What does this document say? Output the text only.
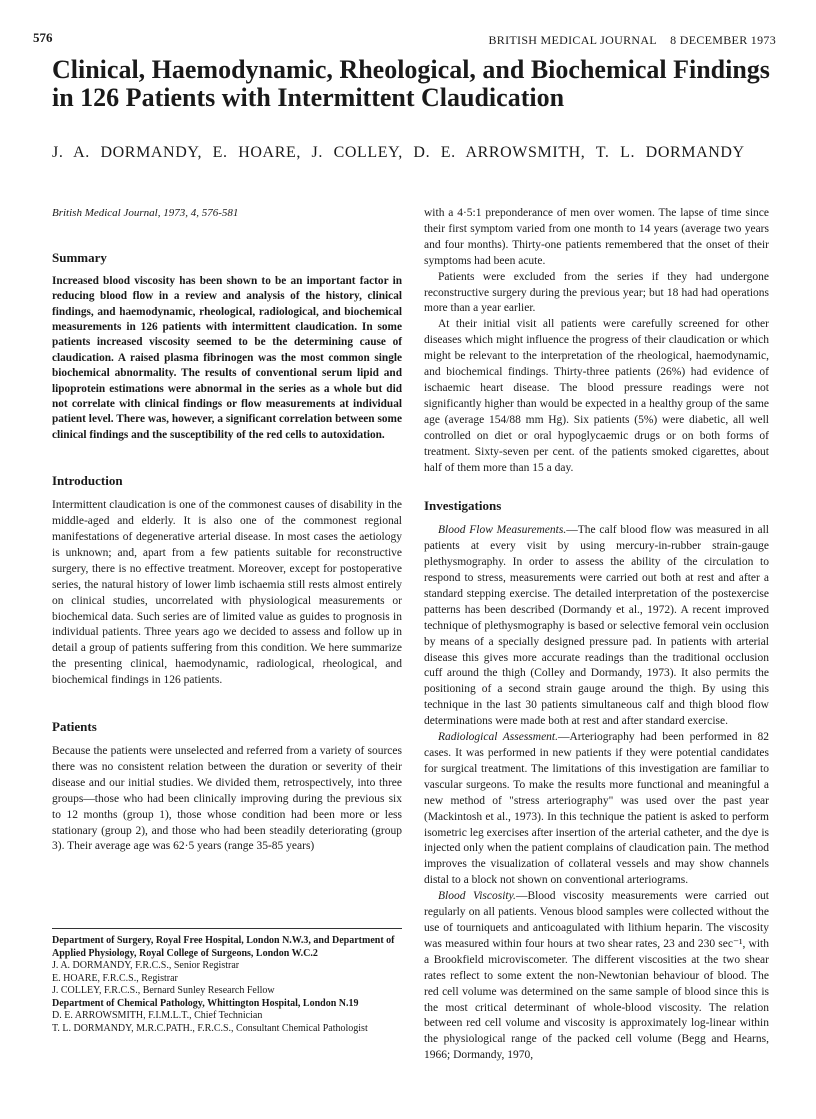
576	BRITISH MEDICAL JOURNAL 8 DECEMBER 1973
Clinical, Haemodynamic, Rheological, and Biochemical Findings in 126 Patients with Intermittent Claudication
J. A. DORMANDY, E. HOARE, J. COLLEY, D. E. ARROWSMITH, T. L. DORMANDY
British Medical Journal, 1973, 4, 576-581
Summary
Increased blood viscosity has been shown to be an important factor in reducing blood flow in a review and analysis of the history, clinical findings, and haemodynamic, rheological, radiological, and biochemical measurements in 126 patients with intermittent claudication. In some patients increased viscosity seemed to be the determining cause of claudication. A raised plasma fibrinogen was the most common single biochemical abnormality. The results of conventional serum lipid and lipoprotein estimations were abnormal in the series as a whole but did not correlate with clinical findings or flow measurements at individual patient level. There was, however, a significant correlation between some clinical findings and the susceptibility of the red cells to autoxidation.
Introduction

Intermittent claudication is one of the commonest causes of disability in the middle-aged and elderly. It is also one of the commonest regional manifestations of degenerative arterial disease. In most cases the aetiology is unknown; and, apart from a few patients suitable for reconstructive surgery, there is no effective treatment. Moreover, except for postoperative series, the natural history of lower limb ischaemia still rests almost entirely on clinical studies, uncorrelated with physiological measurements or biochemical data. Such series are of limited value as guides to prognosis in individual patients. Three years ago we decided to assess and follow up in detail a group of patients suffering from this condition. We here summarize the presenting clinical, haemodynamic, radiological, rheological, and biochemical findings in 126 patients.

Patients

Because the patients were unselected and referred from a variety of sources there was no consistent relation between the duration or severity of their disease and our initial studies. We divided them, retrospectively, into three groups—those who had been clinically improving during the previous six to 12 months (group 1), those whose condition had been more or less stationary (group 2), and those who had been steadily deteriorating (group 3). Their average age was 62·5 years (range 35-85 years)

Department of Surgery, Royal Free Hospital, London N.W.3, and Department of Applied Physiology, Royal College of Surgeons, London W.C.2
J. A. DORMANDY, F.R.C.S., Senior Registrar
E. HOARE, F.R.C.S., Registrar
J. COLLEY, F.R.C.S., Bernard Sunley Research Fellow
Department of Chemical Pathology, Whittington Hospital, London N.19
D. E. ARROWSMITH, F.I.M.L.T., Chief Technician
T. L. DORMANDY, M.R.C.PATH., F.R.C.S., Consultant Chemical Pathologist

with a 4·5:1 preponderance of men over women. The lapse of time since their first symptom varied from one month to 14 years (average two years and four months). Thirty-one patients remembered that the onset of their symptoms had been acute.

Patients were excluded from the series if they had undergone reconstructive surgery during the previous year; but 18 had had operations more than a year earlier.

At their initial visit all patients were carefully screened for other diseases which might influence the progress of their claudication or which might be relevant to the interpretation of the rheological, haemodynamic, and biochemical findings. Thirty-three patients (26%) had evidence of ischaemic heart disease. The blood pressure readings were not significantly higher than would be expected in a healthy group of the same age (average 154/88 mm Hg). Six patients (5%) were diabetic, all well controlled on diet or oral hypoglycaemic drugs or on both forms of treatment. Sixty-seven per cent. of the patients smoked cigarettes, about half of them more than 15 a day.

Investigations

Blood Flow Measurements.—The calf blood flow was measured in all patients at every visit by using mercury-in-rubber strain-gauge plethysmography. In order to assess the ability of the circulation to respond to stress, measurements were carried out both at rest and after a standard stepping exercise. The detailed interpretation of the postexercise patterns has been described (Dormandy et al., 1972). A recent improved technique of plethysmography is based or selective femoral vein occlusion by means of a specially designed pressure pad. In patients with arterial disease this gives more accurate readings than the traditional occlusion cuff around the thigh (Colley and Dormandy, 1973). It also permits the positioning of a second strain gauge around the thigh. By using this technique in the last 30 patients simultaneous calf and thigh blood flow determinations were made both at rest and after standard exercise.

Radiological Assessment.—Arteriography had been performed in 82 cases. It was performed in new patients if they were potential candidates for surgical treatment. The limitations of this investigation are familiar to vascular surgeons. To make the results more functional and meaningful a new method of "stress arteriography" was used over the past year (Mackintosh et al., 1973). In this technique the patient is asked to perform isometric leg exercises after insertion of the arterial catheter, and the dye is injected only when the patient complains of claudication pain. The method improves the visualization of collateral vessels and may show channels distal to a block not shown on conventional arteriograms.

Blood Viscosity.—Blood viscosity measurements were carried out regularly on all patients. Venous blood samples were collected without the use of tourniquets and anticoagulated with lithium heparin. The viscosity was measured within four hours at two shear rates, 23 and 230 sec⁻¹, with a Brookfield microviscometer. The different viscosities at the two shear rates reflect to some extent the non-Newtonian behaviour of blood. The red cell volume was determined on the same sample of blood since this is the most critical determinant of whole-blood viscosity. The relation between red cell volume and viscosity is approximately log-linear within the physiological range of the packed cell volume (Begg and Hearns, 1966; Dormandy, 1970,
